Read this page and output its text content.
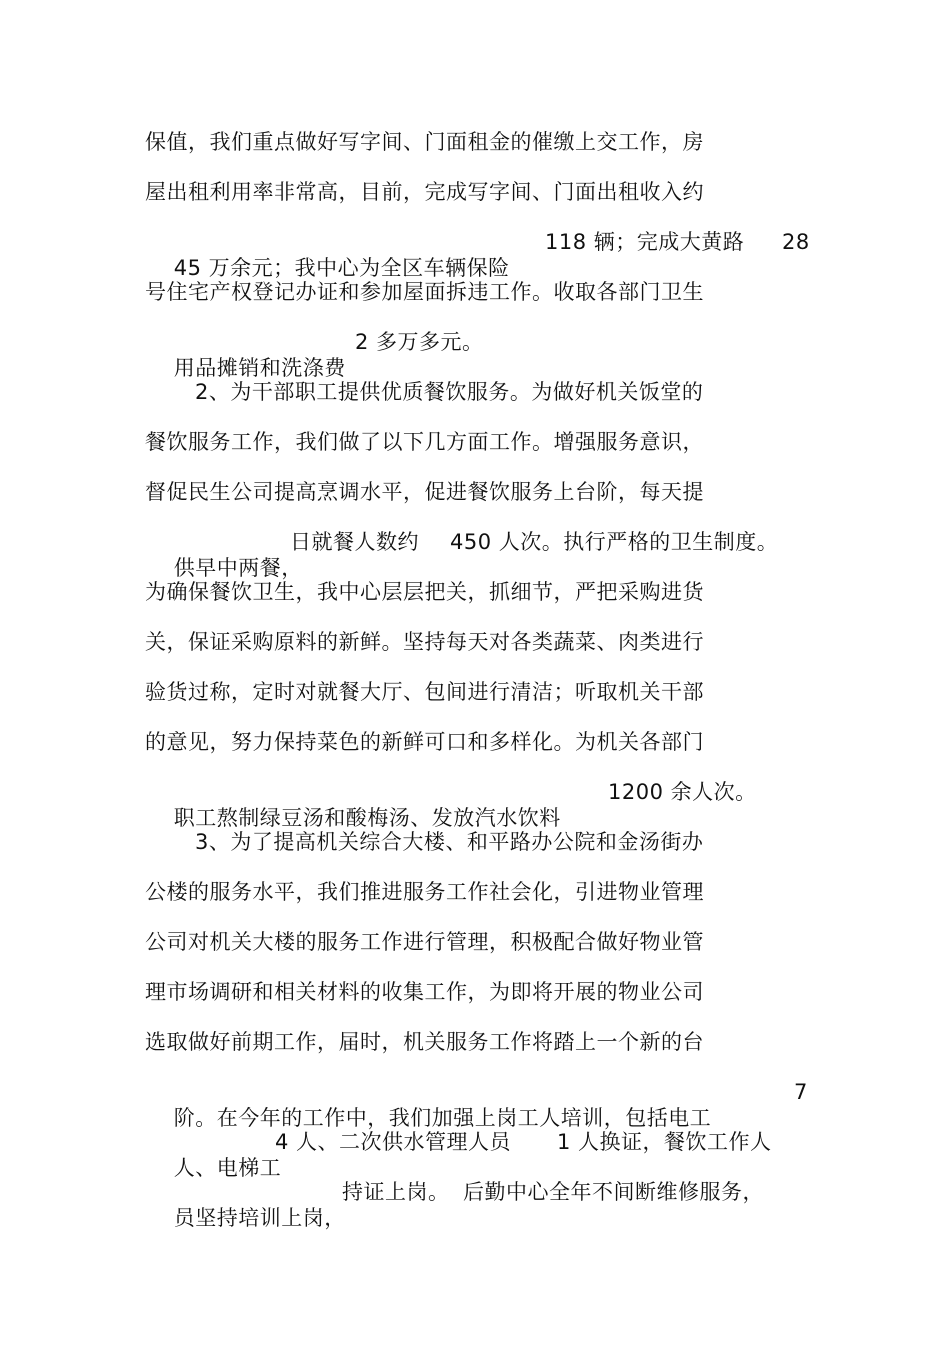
保值，我们重点做好写字间、门面租金的催缴上交工作，房
屋出租利用率非常高，目前，完成写字间、门面出租收入约

45 万余元；我中心为全区车辆保险

118 辆；完成大黄路

28

号住宅产权登记办证和参加屋面拆违工作。收取各部门卫生

用品摊销和洗涤费

2 多万多元。

2、为干部职工提供优质餐饮服务。为做好机关饭堂的
餐饮服务工作，我们做了以下几方面工作。增强服务意识，
督促民生公司提高烹调水平，促进餐饮服务上台阶，每天提

供早中两餐，

日就餐人数约

450 人次。执行严格的卫生制度。

为确保餐饮卫生，我中心层层把关，抓细节，严把采购进货
关，保证采购原料的新鲜。坚持每天对各类蔬菜、肉类进行
验货过称，定时对就餐大厅、包间进行清洁；听取机关干部
的意见，努力保持菜色的新鲜可口和多样化。为机关各部门

职工熬制绿豆汤和酸梅汤、发放汽水饮料

1200 余人次。

3、为了提高机关综合大楼、和平路办公院和金汤街办
公楼的服务水平，我们推进服务工作社会化，引进物业管理
公司对机关大楼的服务工作进行管理，积极配合做好物业管
理市场调研和相关材料的收集工作，为即将开展的物业公司
选取做好前期工作，届时，机关服务工作将踏上一个新的台

阶。在今年的工作中，我们加强上岗工人培训，包括电工

7

人、电梯工

4 人、二次供水管理人员

1 人换证，餐饮工作人

员坚持培训上岗，

持证上岗。

后勤中心全年不间断维修服务，
